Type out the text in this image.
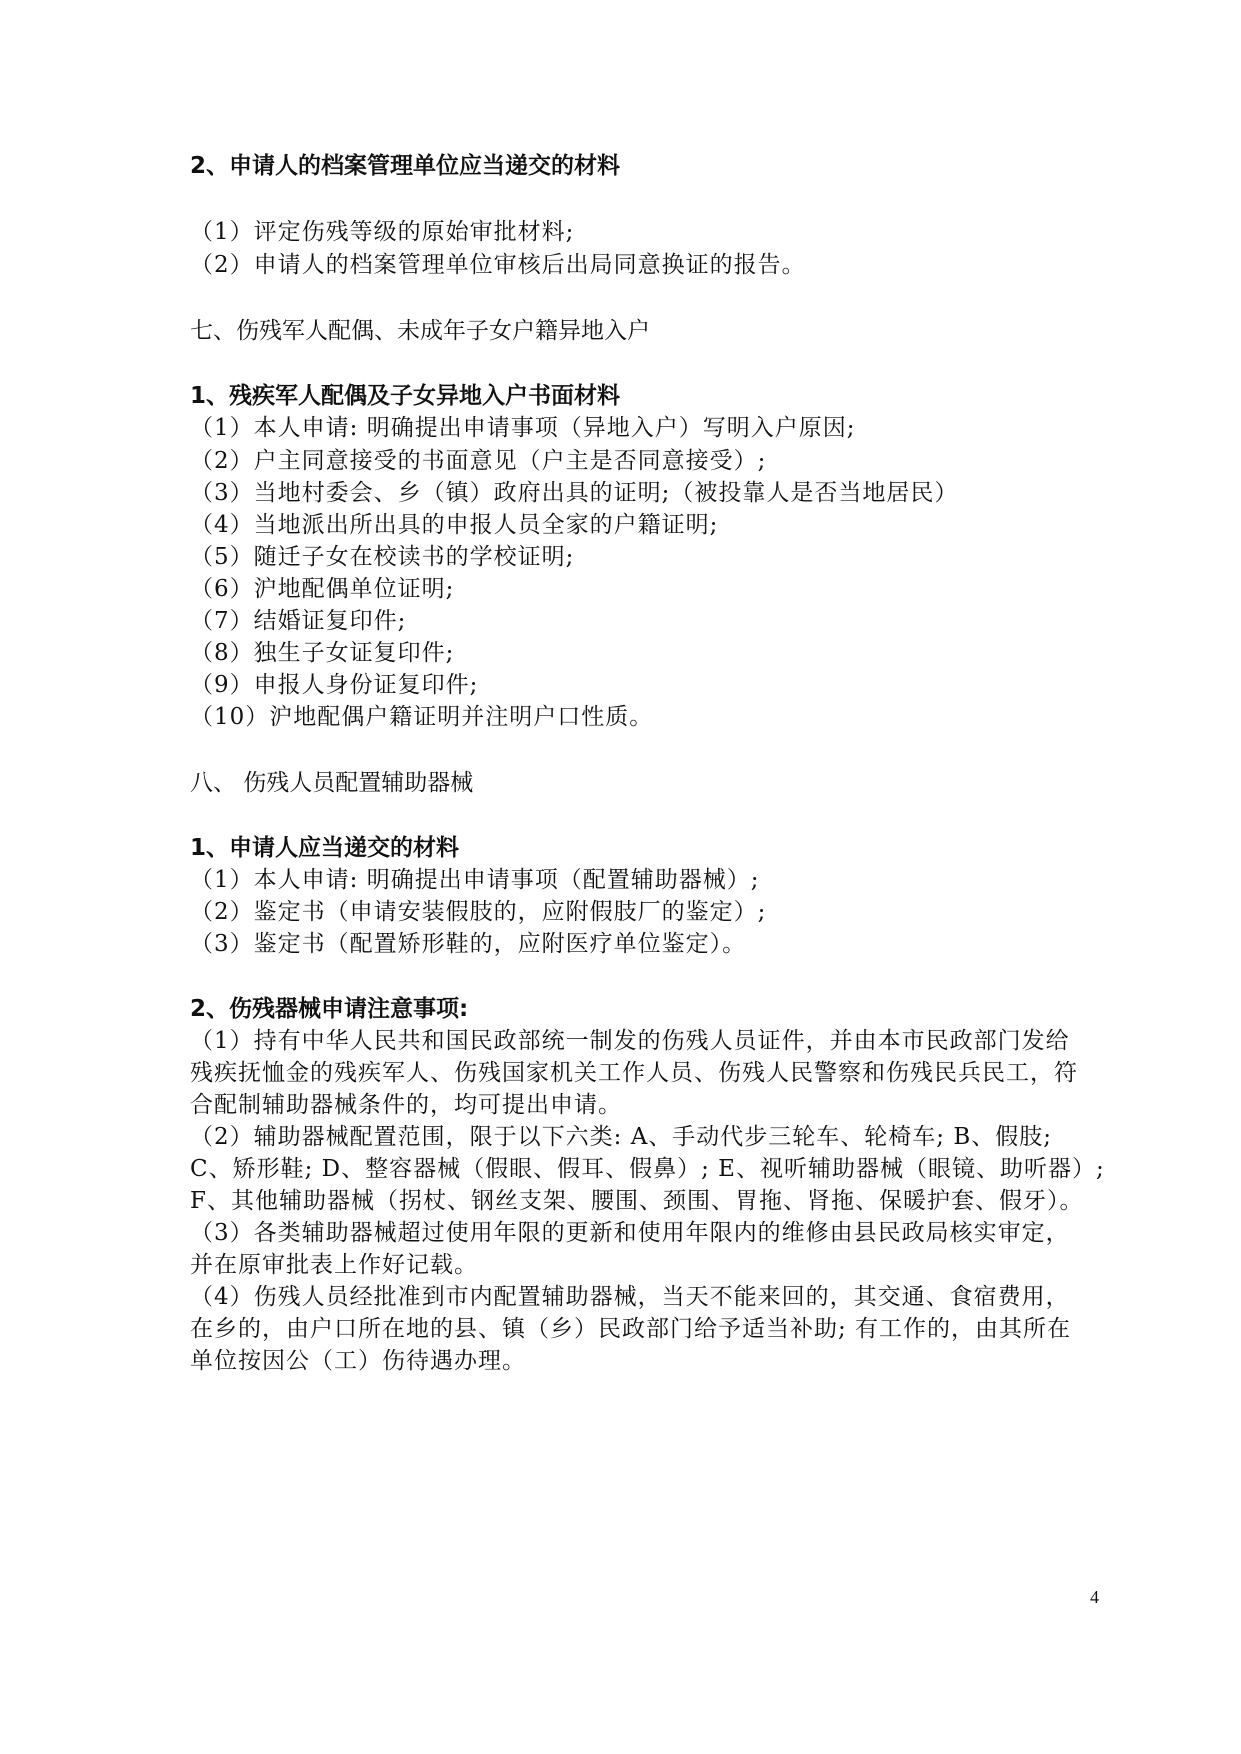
2、申请人的档案管理单位应当递交的材料
（1）评定伤残等级的原始审批材料;
（2）申请人的档案管理单位审核后出局同意换证的报告。
七、伤残军人配偶、未成年子女户籍异地入户
1、残疾军人配偶及子女异地入户书面材料
（1）本人申请: 明确提出申请事项（异地入户）写明入户原因;
（2）户主同意接受的书面意见（户主是否同意接受）;
（3）当地村委会、乡（镇）政府出具的证明;（被投靠人是否当地居民）
（4）当地派出所出具的申报人员全家的户籍证明;
（5）随迁子女在校读书的学校证明;
（6）沪地配偶单位证明;
（7）结婚证复印件;
（8）独生子女证复印件;
（9）申报人身份证复印件;
（10）沪地配偶户籍证明并注明户口性质。
八、 伤残人员配置辅助器械
1、申请人应当递交的材料
（1）本人申请: 明确提出申请事项（配置辅助器械）;
（2）鉴定书（申请安装假肢的，应附假肢厂的鉴定）;
（3）鉴定书（配置矫形鞋的，应附医疗单位鉴定）。
2、伤残器械申请注意事项:
（1）持有中华人民共和国民政部统一制发的伤残人员证件，并由本市民政部门发给
残疾抚恤金的残疾军人、伤残国家机关工作人员、伤残人民警察和伤残民兵民工，符
合配制辅助器械条件的，均可提出申请。
（2）辅助器械配置范围，限于以下六类: A、手动代步三轮车、轮椅车; B、假肢;
C、矫形鞋; D、整容器械（假眼、假耳、假鼻）; E、视听辅助器械（眼镜、助听器）;
F、其他辅助器械（拐杖、钢丝支架、腰围、颈围、胃拖、肾拖、保暖护套、假牙）。
（3）各类辅助器械超过使用年限的更新和使用年限内的维修由县民政局核实审定，
并在原审批表上作好记载。
（4）伤残人员经批准到市内配置辅助器械，当天不能来回的，其交通、食宿费用，
在乡的，由户口所在地的县、镇（乡）民政部门给予适当补助; 有工作的，由其所在
单位按因公（工）伤待遇办理。
4
